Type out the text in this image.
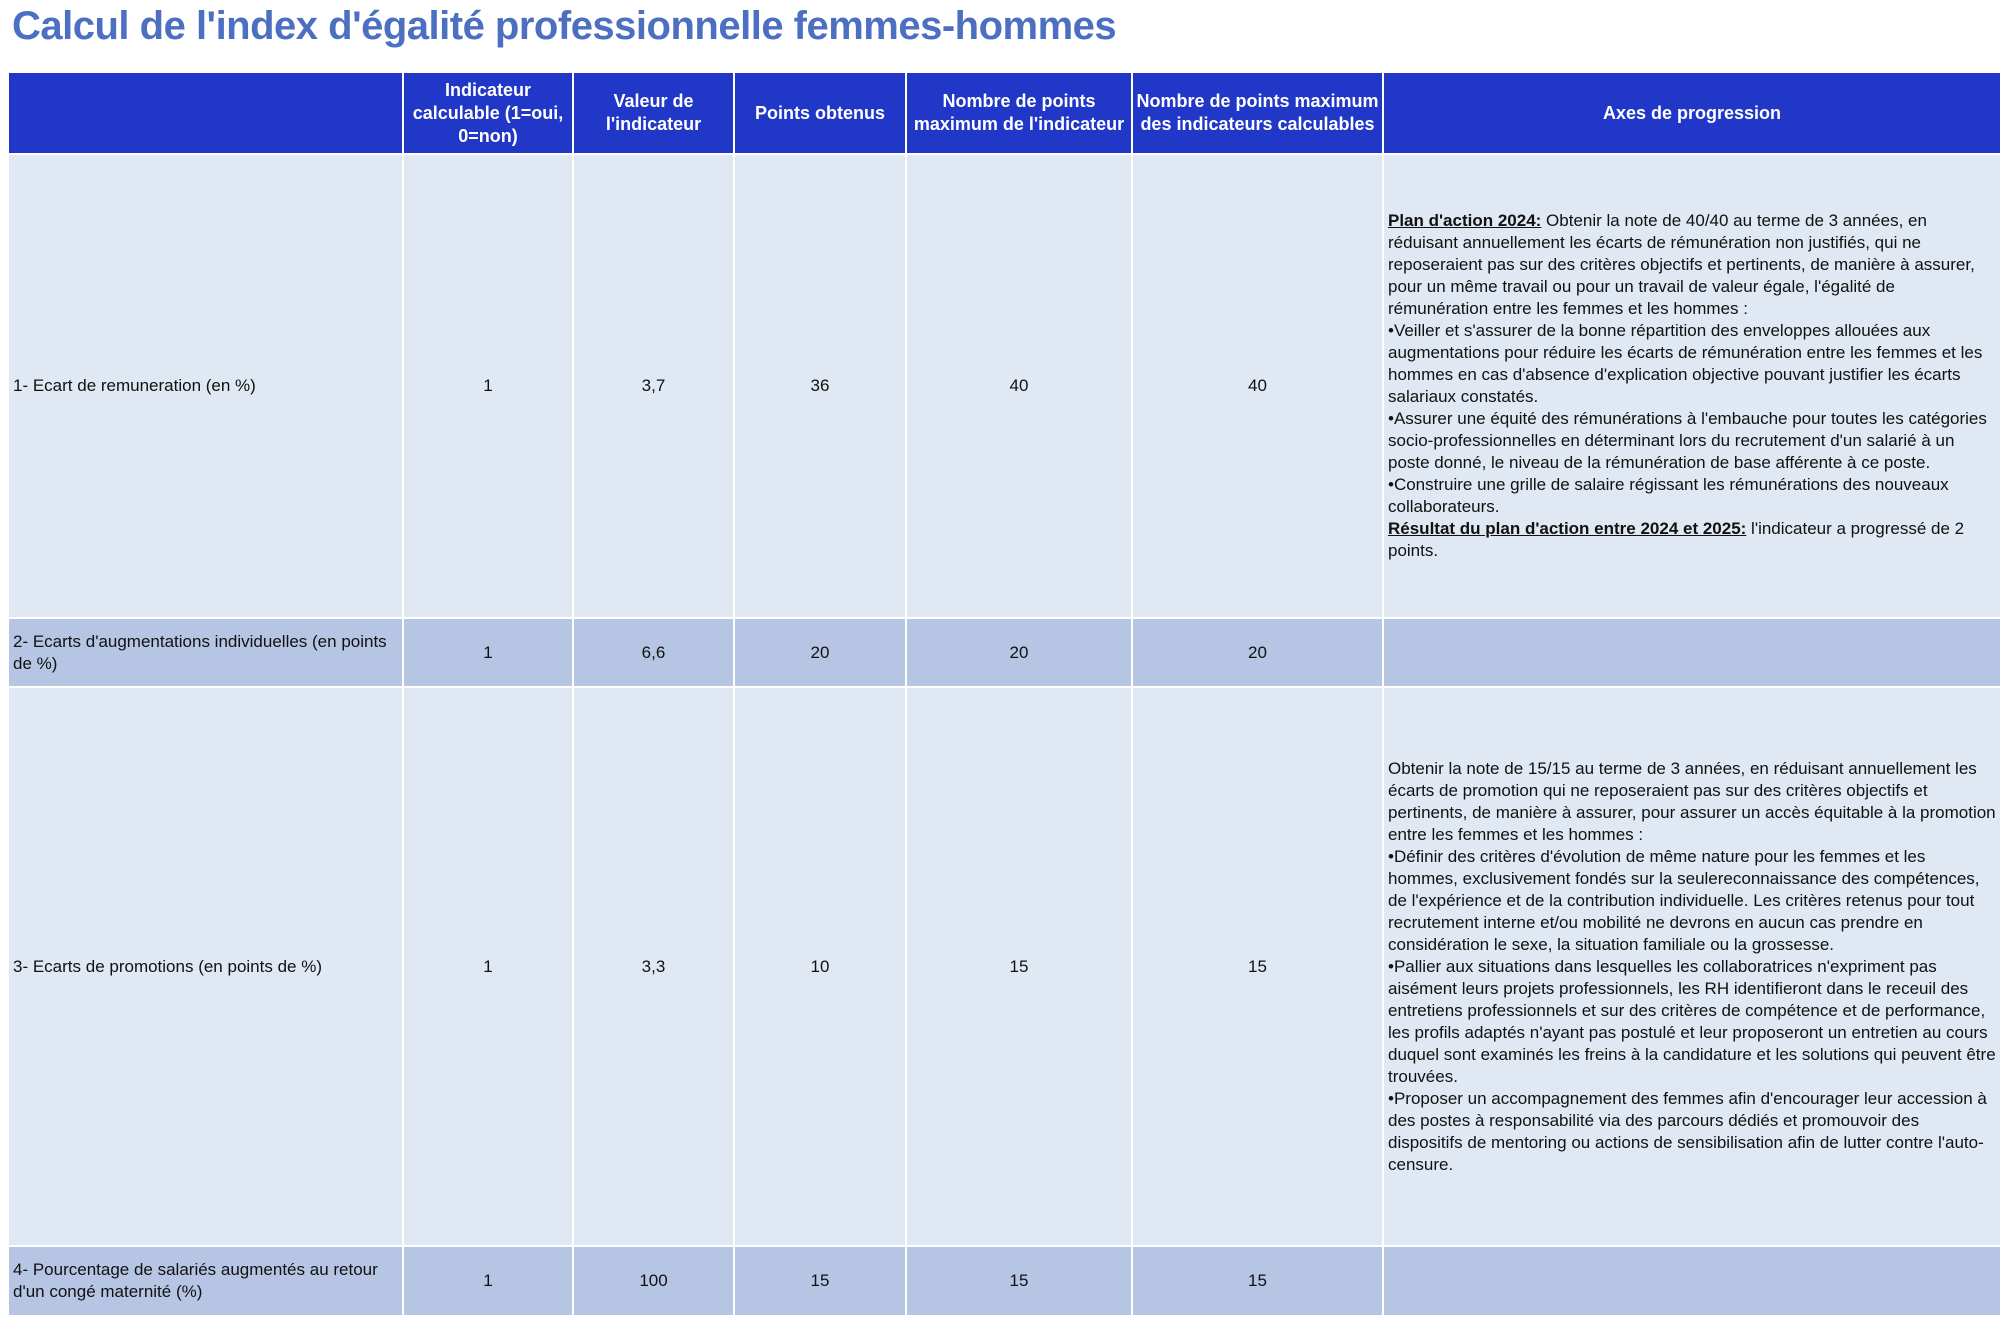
Calcul de l'index d'égalité professionnelle femmes-hommes
	Indicateur calculable (1=oui, 0=non)	Valeur de l'indicateur	Points obtenus	Nombre de points maximum de l'indicateur	Nombre de points maximum des indicateurs calculables	Axes de progression
1- Ecart de remuneration (en %)	1	3,7	36	40	40	Plan d'action 2024: Obtenir la note de 40/40 au terme de 3 années, en réduisant annuellement les écarts de rémunération non justifiés, qui ne reposeraient pas sur des critères objectifs et pertinents, de manière à assurer, pour un même travail ou pour un travail de valeur égale, l'égalité de rémunération entre les femmes et les hommes :
•Veiller et s'assurer de la bonne répartition des enveloppes allouées aux augmentations pour réduire les écarts de rémunération entre les femmes et les hommes en cas d'absence d'explication objective pouvant justifier les écarts salariaux constatés.
•Assurer une équité des rémunérations à l'embauche pour toutes les catégories socio-professionnelles en déterminant lors du recrutement d'un salarié à un poste donné, le niveau de la rémunération de base afférente à ce poste.
•Construire une grille de salaire régissant les rémunérations des nouveaux collaborateurs.
Résultat du plan d'action entre 2024 et 2025: l'indicateur a progressé de 2 points.

2- Ecarts d'augmentations individuelles (en points de %)	1	6,6	20	20	20	
3- Ecarts de promotions (en points de %)	1	3,3	10	15	15	Obtenir la note de 15/15 au terme de 3 années, en réduisant annuellement les écarts de promotion qui ne reposeraient pas sur des critères objectifs et pertinents, de manière à assurer, pour assurer un accès équitable à la promotion entre les femmes et les hommes :
•Définir des critères d'évolution de même nature pour les femmes et les hommes, exclusivement fondés sur la seulereconnaissance des compétences, de l'expérience et de la contribution individuelle. Les critères retenus pour tout recrutement interne et/ou mobilité ne devrons en aucun cas prendre en considération le sexe, la situation familiale ou la grossesse.
•Pallier aux situations dans lesquelles les collaboratrices n'expriment pas aisément leurs projets professionnels, les RH identifieront dans le receuil des entretiens professionnels et sur des critères de compétence et de performance, les profils adaptés n'ayant pas postulé et leur proposeront un entretien au cours duquel sont examinés les freins à la candidature et les solutions qui peuvent être trouvées.
•Proposer un accompagnement des femmes afin d'encourager leur accession à des postes à responsabilité via des parcours dédiés et promouvoir des dispositifs de mentoring ou actions de sensibilisation afin de lutter contre l'auto-censure.

4- Pourcentage de salariés augmentés au retour d'un congé maternité (%)	1	100	15	15	15	
